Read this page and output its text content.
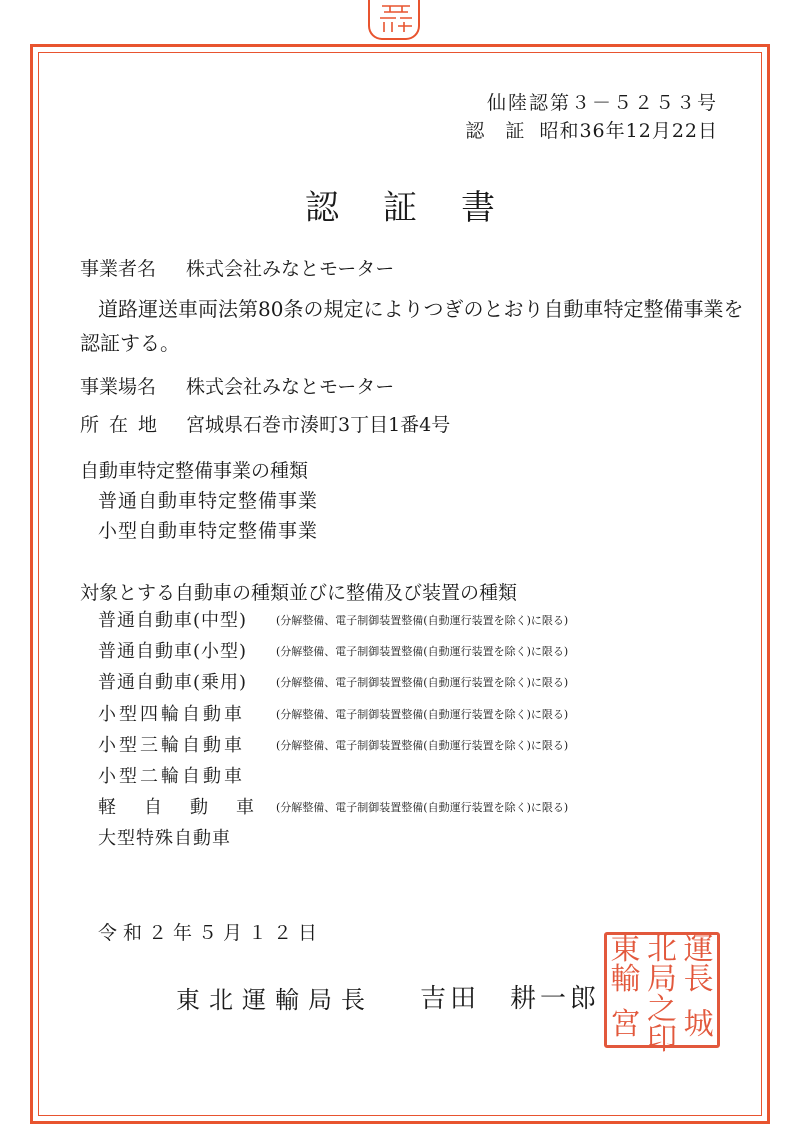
仙陸認第３－５２５３号
認　証 昭和36年12月22日
認証書
事業者名 株式会社みなとモーター
道路運送車両法第80条の規定によりつぎのとおり自動車特定整備事業を認証する。
事業場名 株式会社みなとモーター
所在地 宮城県石巻市湊町3丁目1番4号
自動車特定整備事業の種類
普通自動車特定整備事業
小型自動車特定整備事業
対象とする自動車の種類並びに整備及び装置の種類
普通自動車(中型)	(分解整備、電子制御装置整備(自動運行装置を除く)に限る)
普通自動車(小型)	(分解整備、電子制御装置整備(自動運行装置を除く)に限る)
普通自動車(乗用)	(分解整備、電子制御装置整備(自動運行装置を除く)に限る)
小型四輪自動車	(分解整備、電子制御装置整備(自動運行装置を除く)に限る)
小型三輪自動車	(分解整備、電子制御装置整備(自動運行装置を除く)に限る)
小型二輪自動車
軽自動車(分解整備、電子制御装置整備(自動運行装置を除く)に限る)
大型特殊自動車
令和２年５月１２日
東北運輸局長 吉田　耕一郎
東 北 運
輸 局 長
宮 之印 城
